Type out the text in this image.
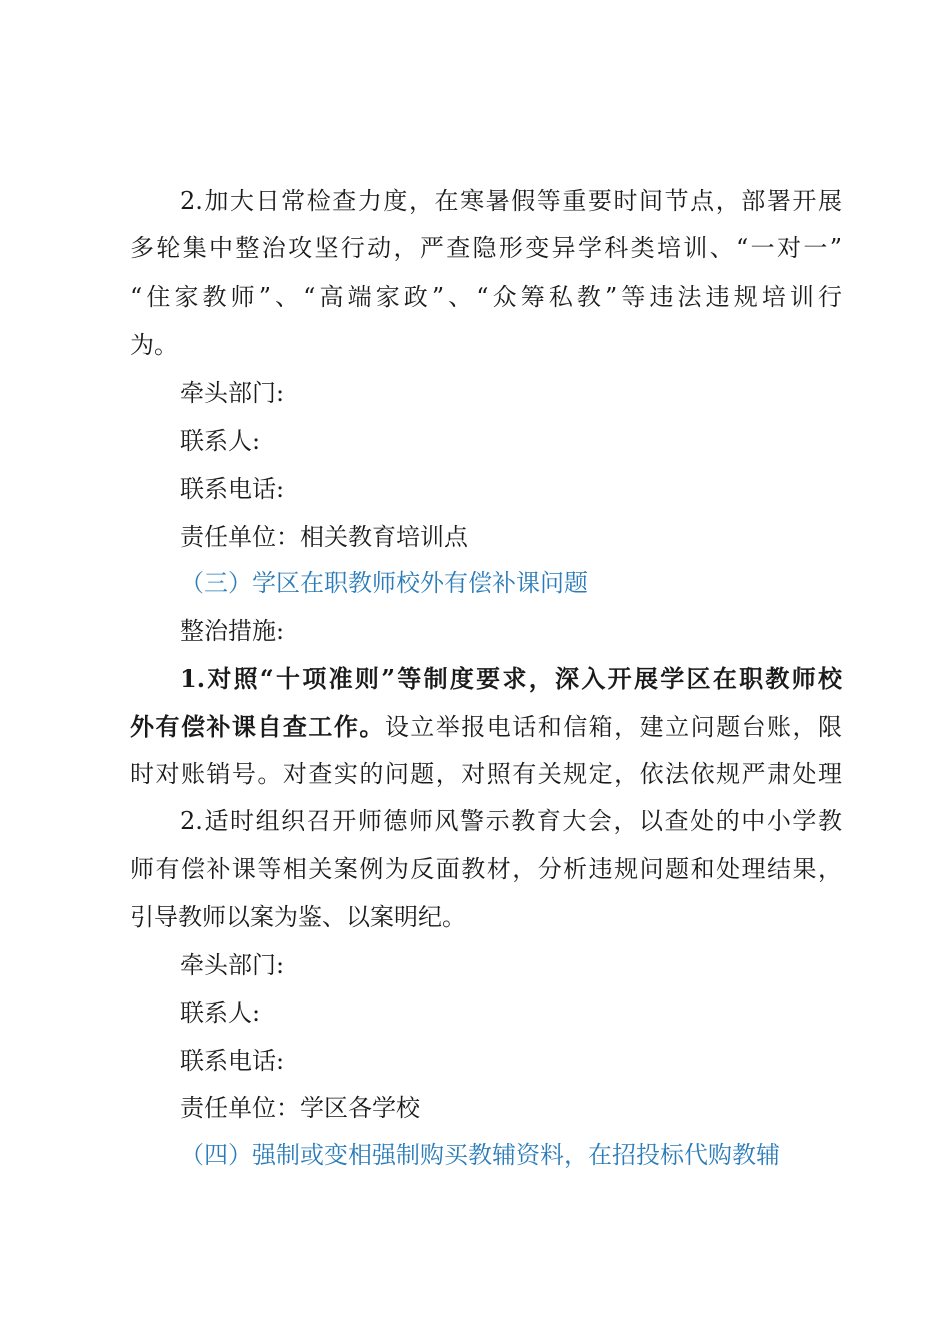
2.加大日常检查力度，在寒暑假等重要时间节点，部署开展
多轮集中整治攻坚行动，严查隐形变异学科类培训、“一对一”
“住家教师”、“高端家政”、“众筹私教”等违法违规培训行
为。
牵头部门:
联系人:
联系电话:
责任单位：相关教育培训点
（三）学区在职教师校外有偿补课问题
整治措施:
1.对照“十项准则”等制度要求，深入开展学区在职教师校
外有偿补课自查工作。设立举报电话和信箱，建立问题台账，限
时对账销号。对查实的问题，对照有关规定，依法依规严肃处理
2.适时组织召开师德师风警示教育大会，以查处的中小学教
师有偿补课等相关案例为反面教材，分析违规问题和处理结果，
引导教师以案为鉴、以案明纪。
牵头部门:
联系人:
联系电话:
责任单位：学区各学校
（四）强制或变相强制购买教辅资料，在招投标代购教辅
